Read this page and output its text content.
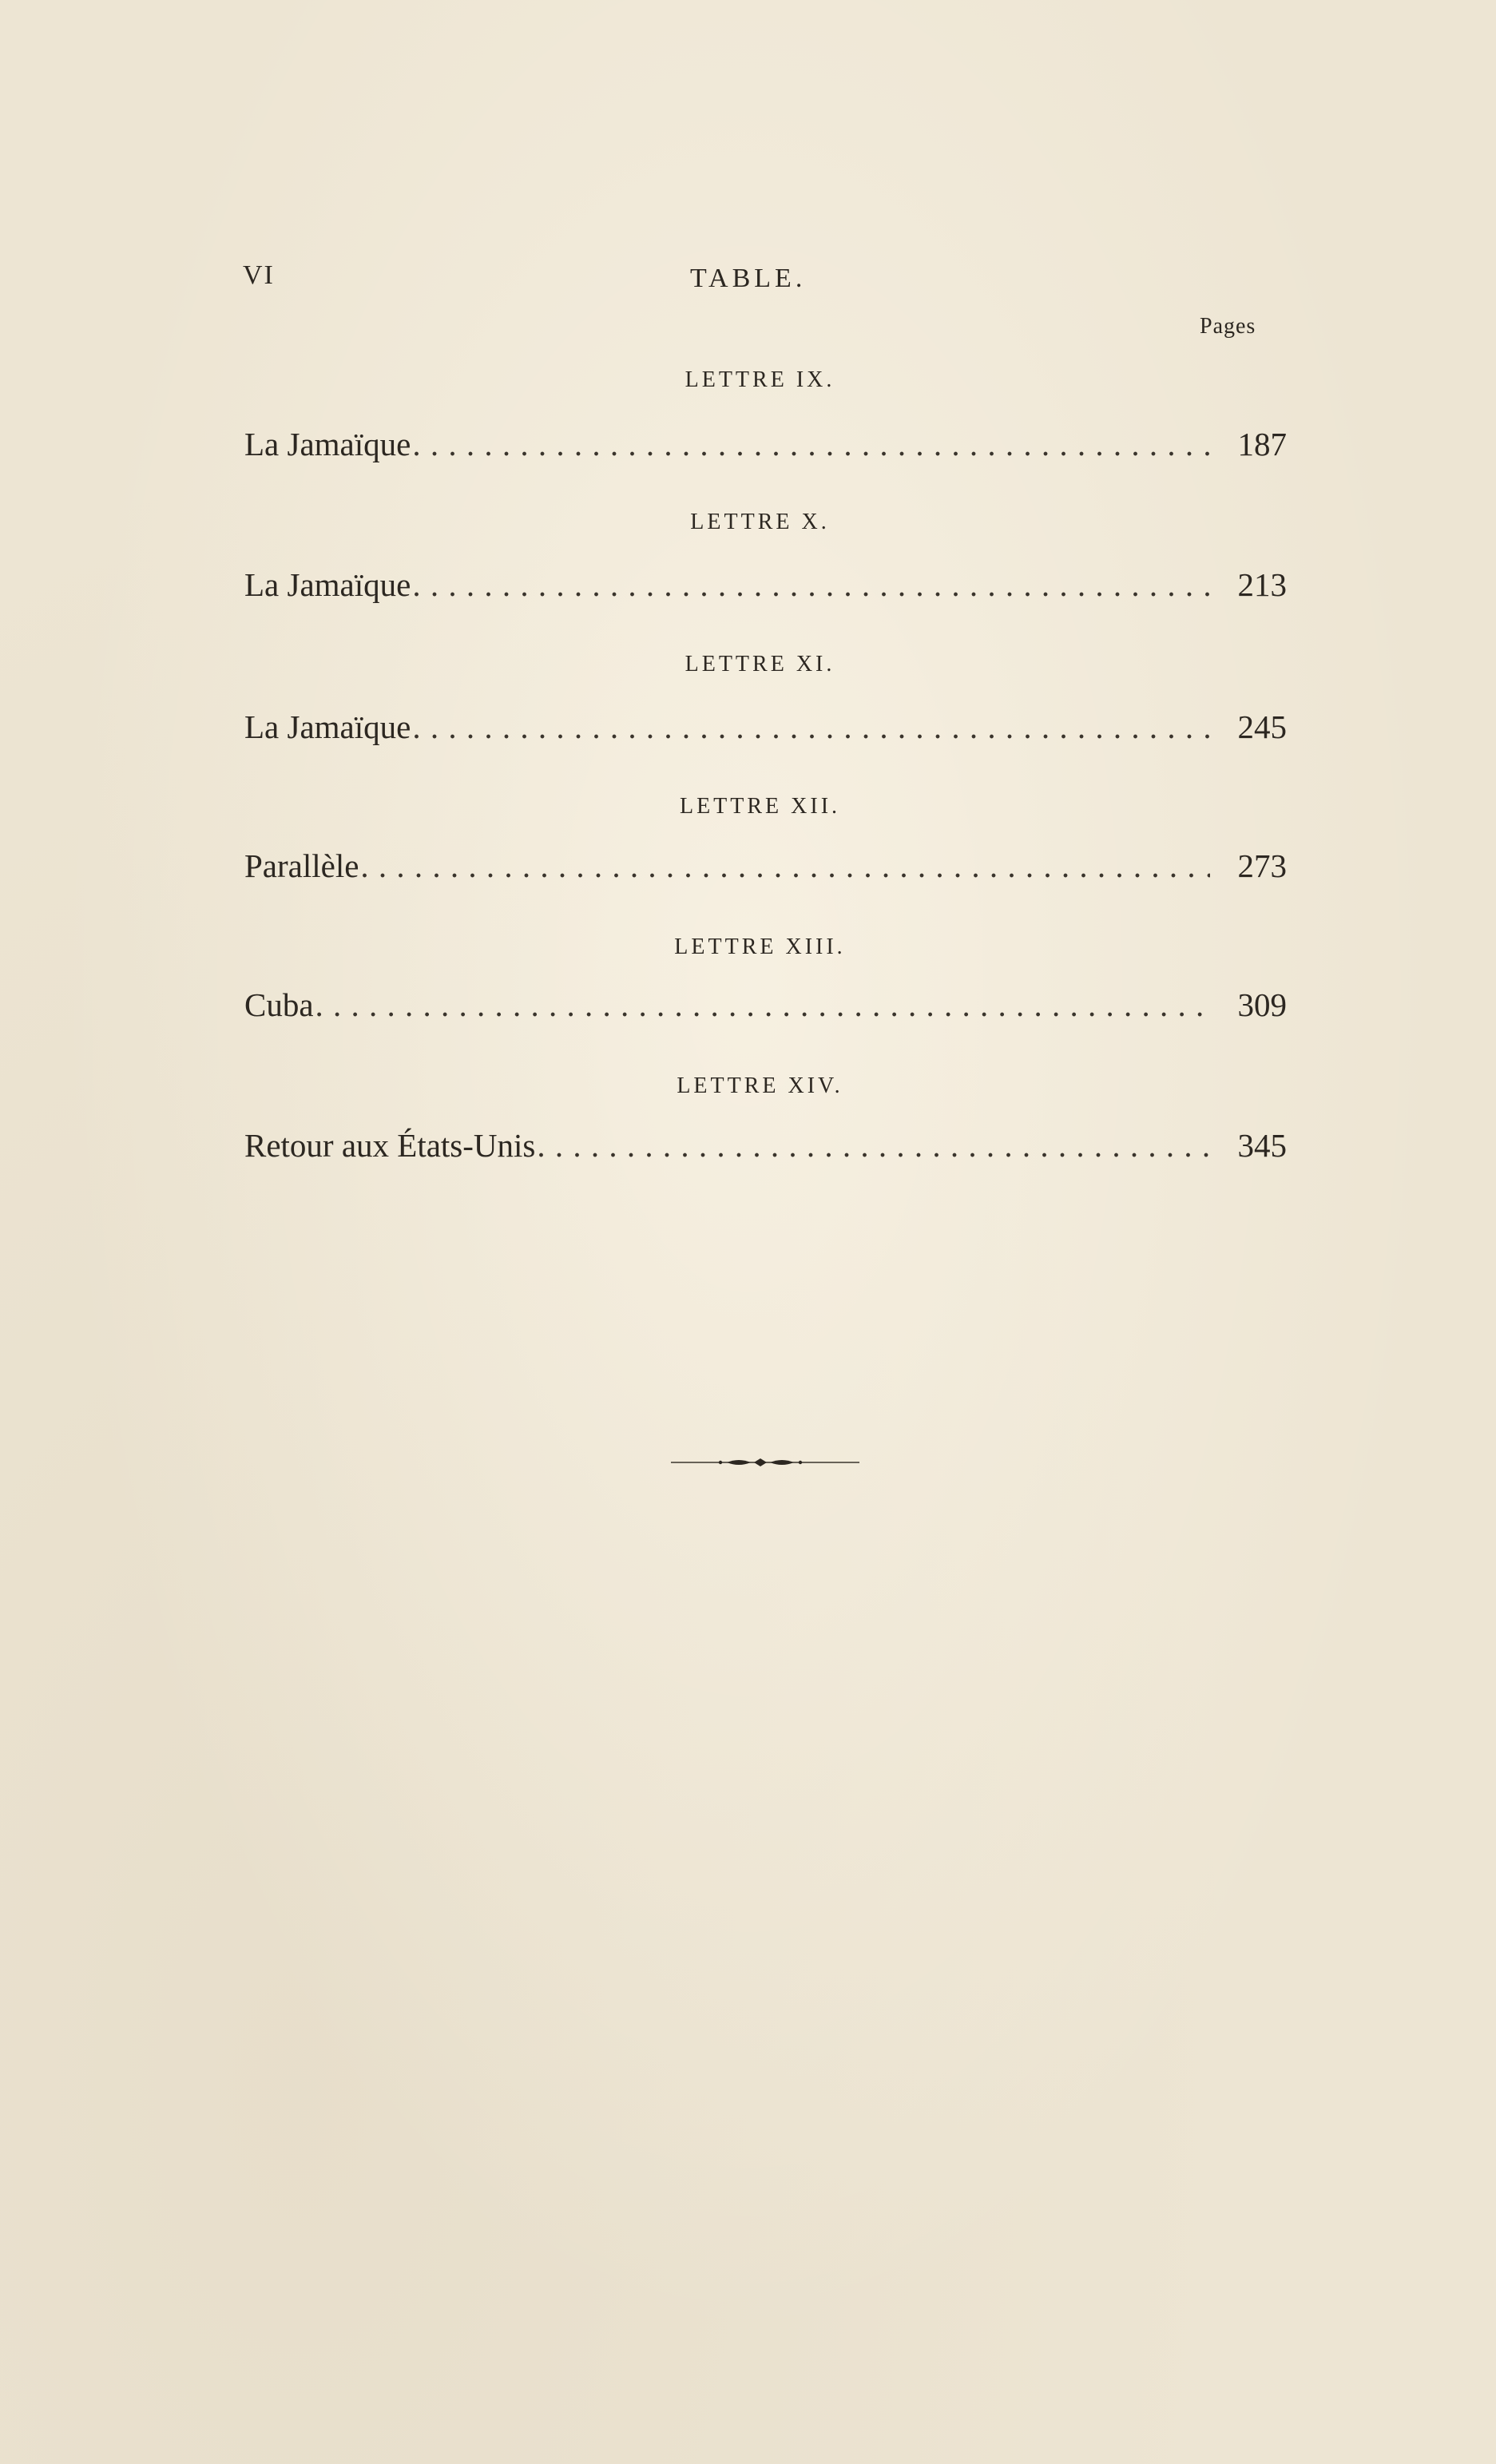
VI	TABLE.
Pages
LETTRE IX.
La Jamaïque . . .	187
LETTRE X.
La Jamaïque . . .	213
LETTRE XI.
La Jamaïque . . .	245
LETTRE XII.
Parallèle . . .	273
LETTRE XIII.
Cuba . . .	309
LETTRE XIV.
Retour aux États-Unis . . .	345
